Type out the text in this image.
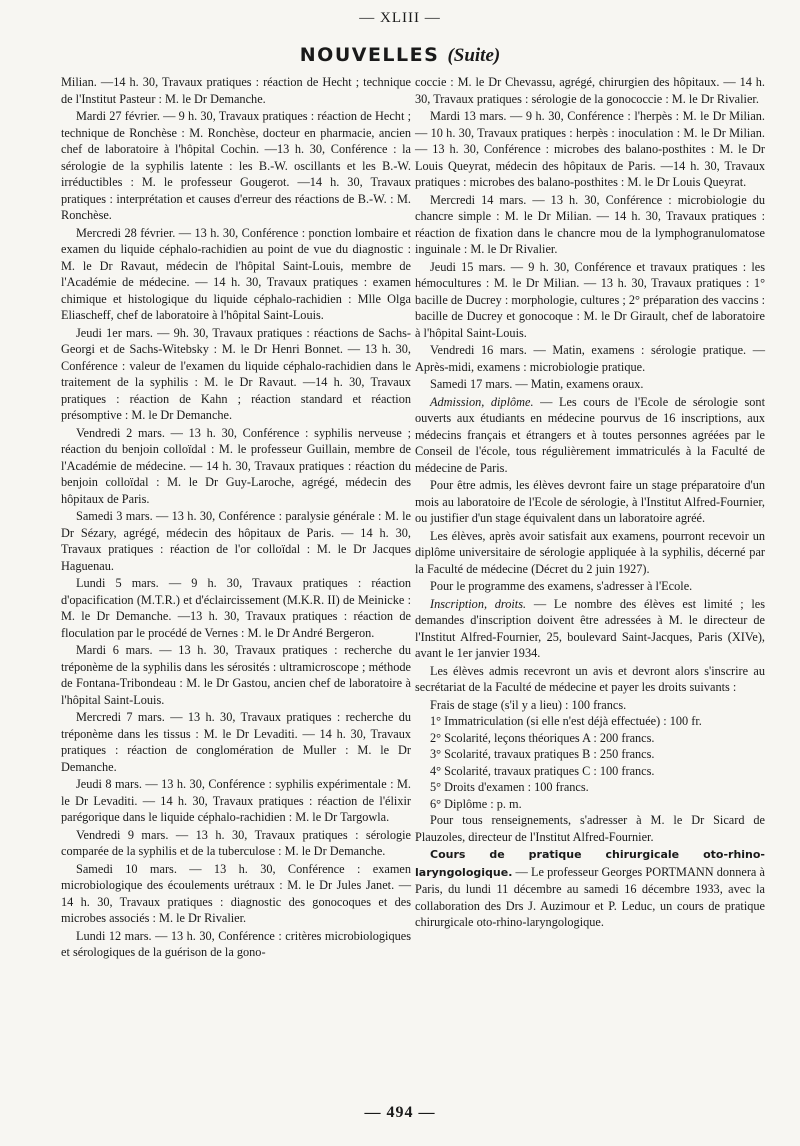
— XLIII —
NOUVELLES (Suite)

Milian. —14 h. 30, Travaux pratiques : réaction de Hecht ; technique de l'Institut Pasteur : M. le Dr Demanche.

Mardi 27 février. — 9 h. 30, Travaux pratiques : réaction de Hecht ; technique de Ronchèse : M. Ronchèse, docteur en pharmacie, ancien chef de laboratoire à l'hôpital Cochin. —13 h. 30, Conférence : la sérologie de la syphilis latente : les B.-W. oscillants et les B.-W. irréductibles : M. le professeur Gougerot. —14 h. 30, Travaux pratiques : interprétation et causes d'erreur des réactions de B.-W. : M. Ronchèse.

Mercredi 28 février. — 13 h. 30, Conférence : ponction lombaire et examen du liquide céphalo-rachidien au point de vue du diagnostic : M. le Dr Ravaut, médecin de l'hôpital Saint-Louis, membre de l'Académie de médecine. — 14 h. 30, Travaux pratiques : examen chimique et histologique du liquide céphalo-rachidien : Mlle Olga Eliascheff, chef de laboratoire à l'hôpital Saint-Louis.

Jeudi 1er mars. — 9h. 30, Travaux pratiques : réactions de Sachs-Georgi et de Sachs-Witebsky : M. le Dr Henri Bonnet. — 13 h. 30, Conférence : valeur de l'examen du liquide céphalo-rachidien dans le traitement de la syphilis : M. le Dr Ravaut. —14 h. 30, Travaux pratiques : réaction de Kahn ; réaction standard et réaction présomptive : M. le Dr Demanche.

Vendredi 2 mars. — 13 h. 30, Conférence : syphilis nerveuse ; réaction du benjoin colloïdal : M. le professeur Guillain, membre de l'Académie de médecine. — 14 h. 30, Travaux pratiques : réaction du benjoin colloïdal : M. le Dr Guy-Laroche, agrégé, médecin des hôpitaux de Paris.

Samedi 3 mars. — 13 h. 30, Conférence : paralysie générale : M. le Dr Sézary, agrégé, médecin des hôpitaux de Paris. — 14 h. 30, Travaux pratiques : réaction de l'or colloïdal : M. le Dr Jacques Haguenau.

Lundi 5 mars. — 9 h. 30, Travaux pratiques : réaction d'opacification (M.T.R.) et d'éclaircissement (M.K.R. II) de Meinicke : M. le Dr Demanche. —13 h. 30, Travaux pratiques : réaction de floculation par le procédé de Vernes : M. le Dr André Bergeron.

Mardi 6 mars. — 13 h. 30, Travaux pratiques : recherche du tréponème de la syphilis dans les sérosités : ultramicroscope ; méthode de Fontana-Tribondeau : M. le Dr Gastou, ancien chef de laboratoire à l'hôpital Saint-Louis.

Mercredi 7 mars. — 13 h. 30, Travaux pratiques : recherche du tréponème dans les tissus : M. le Dr Levaditi. — 14 h. 30, Travaux pratiques : réaction de conglomération de Muller : M. le Dr Demanche.

Jeudi 8 mars. — 13 h. 30, Conférence : syphilis expérimentale : M. le Dr Levaditi. — 14 h. 30, Travaux pratiques : réaction de l'élixir parégorique dans le liquide céphalo-rachidien : M. le Dr Targowla.

Vendredi 9 mars. — 13 h. 30, Travaux pratiques : sérologie comparée de la syphilis et de la tuberculose : M. le Dr Demanche.

Samedi 10 mars. — 13 h. 30, Conférence : examen microbiologique des écoulements urétraux : M. le Dr Jules Janet. — 14 h. 30, Travaux pratiques : diagnostic des gonocoques et des microbes associés : M. le Dr Rivalier.

Lundi 12 mars. — 13 h. 30, Conférence : critères microbiologiques et sérologiques de la guérison de la gono-

coccie : M. le Dr Chevassu, agrégé, chirurgien des hôpitaux. — 14 h. 30, Travaux pratiques : sérologie de la gonococcie : M. le Dr Rivalier.

Mardi 13 mars. — 9 h. 30, Conférence : l'herpès : M. le Dr Milian. — 10 h. 30, Travaux pratiques : herpès : inoculation : M. le Dr Milian. — 13 h. 30, Conférence : microbes des balano-posthites : M. le Dr Louis Queyrat, médecin des hôpitaux de Paris. —14 h. 30, Travaux pratiques : microbes des balano-posthites : M. le Dr Louis Queyrat.

Mercredi 14 mars. — 13 h. 30, Conférence : microbiologie du chancre simple : M. le Dr Milian. — 14 h. 30, Travaux pratiques : réaction de fixation dans le chancre mou de la lymphogranulomatose inguinale : M. le Dr Rivalier.

Jeudi 15 mars. — 9 h. 30, Conférence et travaux pratiques : les hémocultures : M. le Dr Milian. — 13 h. 30, Travaux pratiques : 1° bacille de Ducrey : morphologie, cultures ; 2° préparation des vaccins : bacille de Ducrey et gonocoque : M. le Dr Girault, chef de laboratoire à l'hôpital Saint-Louis.

Vendredi 16 mars. — Matin, examens : sérologie pratique. — Après-midi, examens : microbiologie pratique.

Samedi 17 mars. — Matin, examens oraux.

Admission, diplôme. — Les cours de l'Ecole de sérologie sont ouverts aux étudiants en médecine pourvus de 16 inscriptions, aux médecins français et étrangers et à toutes personnes agréées par le Conseil de l'école, tous régulièrement immatriculés à la Faculté de médecine de Paris.

Pour être admis, les élèves devront faire un stage préparatoire d'un mois au laboratoire de l'Ecole de sérologie, à l'Institut Alfred-Fournier, ou justifier d'un stage équivalent dans un laboratoire agréé.

Les élèves, après avoir satisfait aux examens, pourront recevoir un diplôme universitaire de sérologie appliquée à la syphilis, décerné par la Faculté de médecine (Décret du 2 juin 1927).

Pour le programme des examens, s'adresser à l'Ecole.

Inscription, droits. — Le nombre des élèves est limité ; les demandes d'inscription doivent être adressées à M. le directeur de l'Institut Alfred-Fournier, 25, boulevard Saint-Jacques, Paris (XIVe), avant le 1er janvier 1934.

Les élèves admis recevront un avis et devront alors s'inscrire au secrétariat de la Faculté de médecine et payer les droits suivants :

Frais de stage (s'il y a lieu) : 100 francs.

1° Immatriculation (si elle n'est déjà effectuée) : 100 fr.

2° Scolarité, leçons théoriques A : 200 francs.

3° Scolarité, travaux pratiques B : 250 francs.

4° Scolarité, travaux pratiques C : 100 francs.

5° Droits d'examen : 100 francs.

6° Diplôme : p. m.

Pour tous renseignements, s'adresser à M. le Dr Sicard de Plauzoles, directeur de l'Institut Alfred-Fournier.

Cours de pratique chirurgicale oto-rhino-laryngologique. — Le professeur Georges PORTMANN donnera à Paris, du lundi 11 décembre au samedi 16 décembre 1933, avec la collaboration des Drs J. Auzimour et P. Leduc, un cours de pratique chirurgicale oto-rhino-laryngologique.

— 494 —
